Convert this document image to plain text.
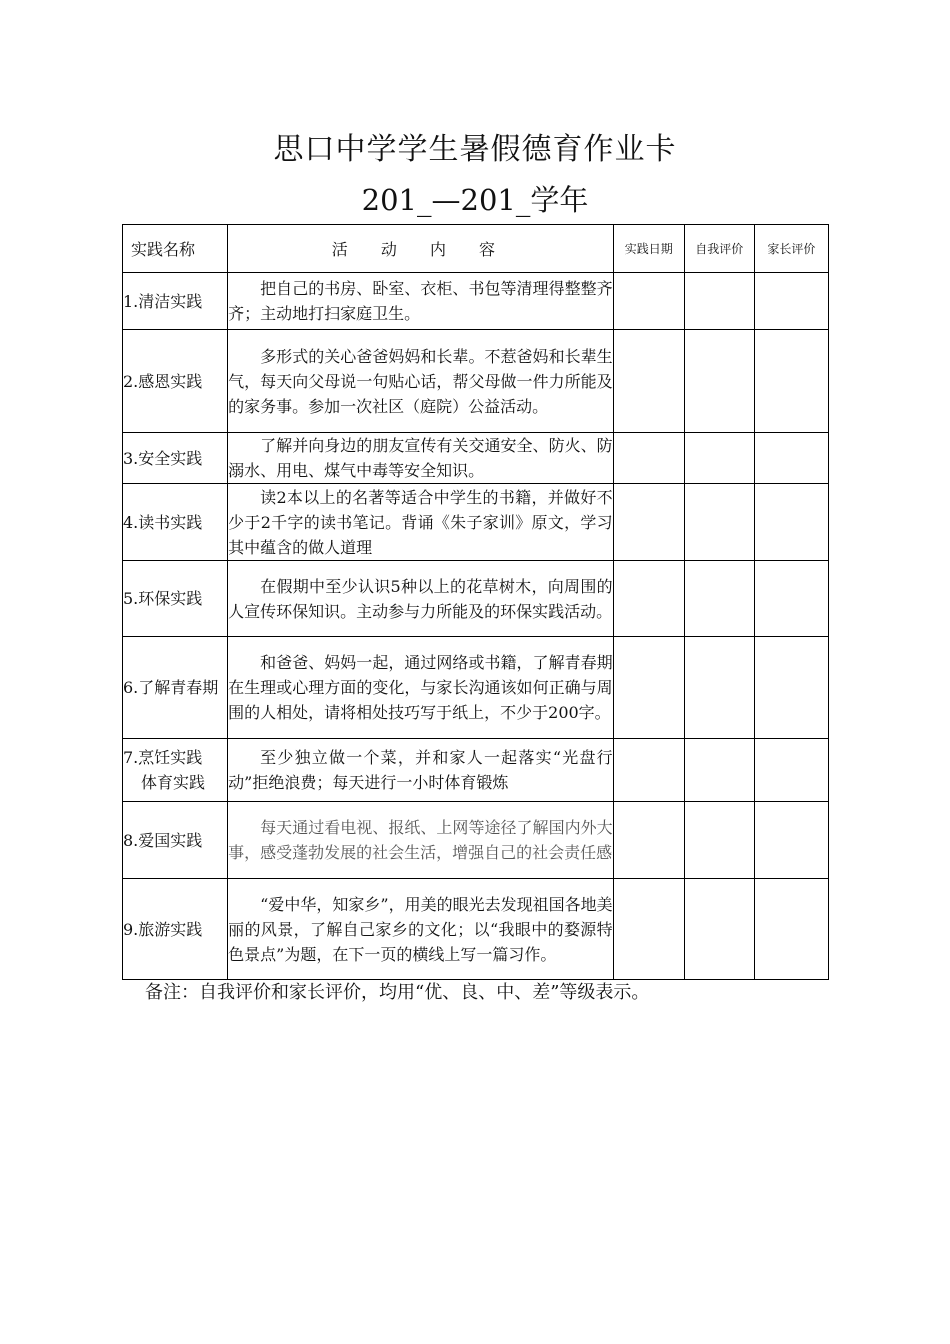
思口中学学生暑假德育作业卡
201_—201_学年
实践名称	活 动 内 容	实践日期	自我评价	家长评价
1.清洁实践	把自己的书房、卧室、衣柜、书包等清理得整整齐齐；主动地打扫家庭卫生。			

2.感恩实践	多形式的关心爸爸妈妈和长辈。不惹爸妈和长辈生气，每天向父母说一句贴心话，帮父母做一件力所能及的家务事。参加一次社区（庭院）公益活动。			

3.安全实践	了解并向身边的朋友宣传有关交通安全、防火、防溺水、用电、煤气中毒等安全知识。			

4.读书实践	读2本以上的名著等适合中学生的书籍，并做好不少于2千字的读书笔记。背诵《朱子家训》原文，学习其中蕴含的做人道理			

5.环保实践	在假期中至少认识5种以上的花草树木，向周围的人宣传环保知识。主动参与力所能及的环保实践活动。			

6.了解青春期	和爸爸、妈妈一起，通过网络或书籍，了解青春期在生理或心理方面的变化，与家长沟通该如何正确与周围的人相处，请将相处技巧写于纸上，不少于200字。			

7.烹饪实践
体育实践	至少独立做一个菜，并和家人一起落实“光盘行动”拒绝浪费；每天进行一小时体育锻炼			

8.爱国实践	每天通过看电视、报纸、上网等途径了解国内外大事，感受蓬勃发展的社会生活，增强自己的社会责任感			

9.旅游实践	“爱中华，知家乡”，用美的眼光去发现祖国各地美丽的风景，了解自己家乡的文化；以“我眼中的婺源特色景点”为题，在下一页的横线上写一篇习作。			

备注：自我评价和家长评价，均用“优、良、中、差”等级表示。
